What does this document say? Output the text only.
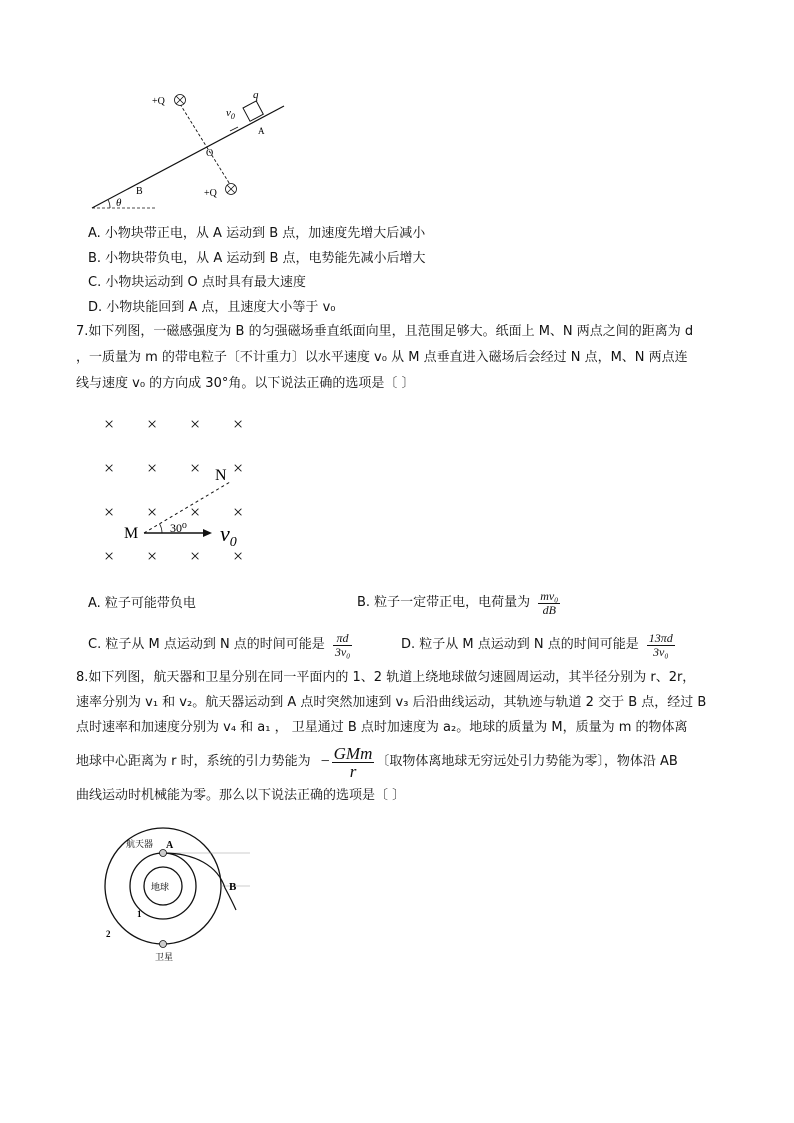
θ
+Q
+Q
O
B
q
$v_0$
A
A. 小物块带正电，从 A 运动到 B 点，加速度先增大后减小
B. 小物块带负电，从 A 运动到 B 点，电势能先减小后增大
C. 小物块运动到 O 点时具有最大速度
D. 小物块能回到 A 点，且速度大小等于 v₀
7.如下列图，一磁感强度为 B 的匀强磁场垂直纸面向里，且范围足够大。纸面上 M、N 两点之间的距离为 d
，一质量为 m 的带电粒子〔不计重力〕以水平速度 v₀ 从 M 点垂直进入磁场后会经过 N 点，M、N 两点连
线与速度 v₀ 的方向成 30°角。以下说法正确的选项是〔 〕
× × × ×
× × × ×
× × × ×
× × × ×
N
M	30⁰ $v_0$
A. 粒子可能带负电	B. 粒子一定带正电，电荷量为 $\frac{\text{mv₀}}{dB}$
C. 粒子从 M 点运动到 N 点的时间可能是 $\frac{\pi d}{\text{3v₀}}$	D. 粒子从 M 点运动到 N 点的时间可能是 $\frac{13\pi d}{\text{3v₀}}$
8.如下列图，航天器和卫星分别在同一平面内的 1、2 轨道上绕地球做匀速圆周运动，其半径分别为 r、2r，
速率分别为 v₁ 和 v₂。航天器运动到 A 点时突然加速到 v₃ 后沿曲线运动，其轨迹与轨道 2 交于 B 点，经过 B
点时速率和加速度分别为 v₄ 和 a₁ ， 卫星通过 B 点时加速度为 a₂。地球的质量为 M，质量为 m 的物体离
地球中心距离为 r 时，系统的引力势能为 − $\frac{\text{GMm}}{r}$ 〔取物体离地球无穷远处引力势能为零〕，物体沿 AB
曲线运动时机械能为零。那么以下说法正确的选项是〔 〕
地球
航天器 A
B
卫星
1
2
